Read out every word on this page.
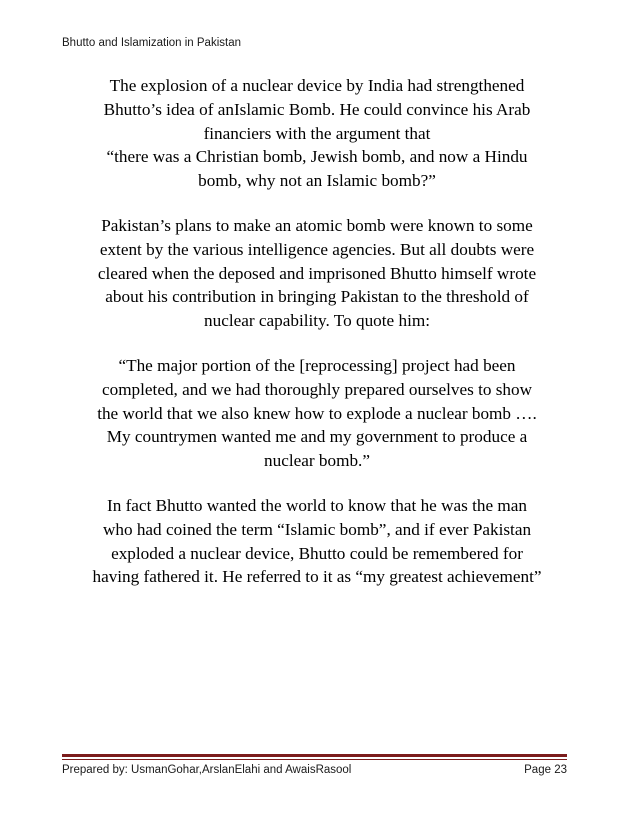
Bhutto and Islamization in Pakistan

The explosion of a nuclear device by India had strengthened
Bhutto’s idea of anIslamic Bomb. He could convince his Arab
financiers with the argument that
“there was a Christian bomb, Jewish bomb, and now a Hindu
bomb, why not an Islamic bomb?”

Pakistan’s plans to make an atomic bomb were known to some
extent by the various intelligence agencies. But all doubts were
cleared when the deposed and imprisoned Bhutto himself wrote
about his contribution in bringing Pakistan to the threshold of
nuclear capability. To quote him:

“The major portion of the [reprocessing] project had been
completed, and we had thoroughly prepared ourselves to show
the world that we also knew how to explode a nuclear bomb ….
My countrymen wanted me and my government to produce a
nuclear bomb.”

In fact Bhutto wanted the world to know that he was the man
who had coined the term “Islamic bomb”, and if ever Pakistan
exploded a nuclear device, Bhutto could be remembered for
having fathered it. He referred to it as “my greatest achievement”

Prepared by: UsmanGohar,ArslanElahi and AwaisRasool	Page 23
